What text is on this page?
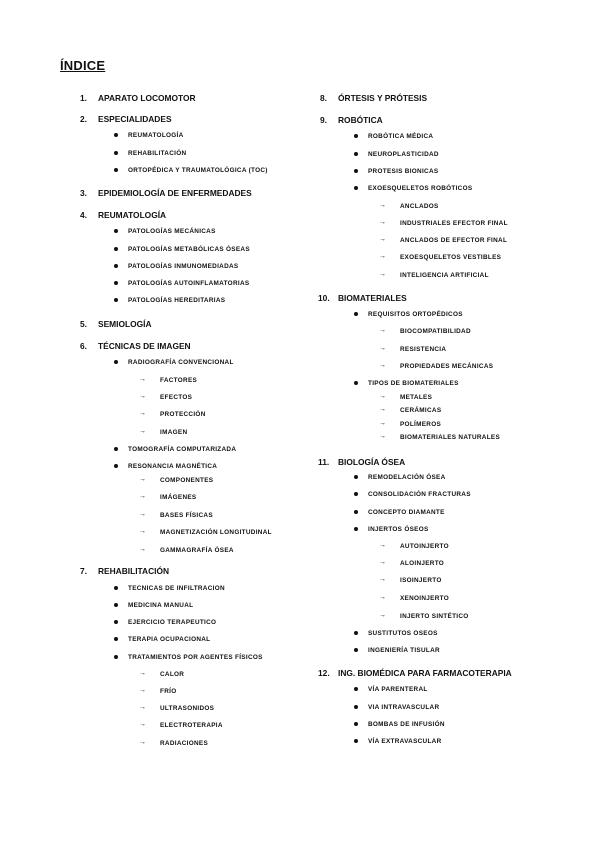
ÍNDICE
1. APARATO LOCOMOTOR
2. ESPECIALIDADES
REUMATOLOGÍA
REHABILITACIÓN
ORTOPÉDICA Y TRAUMATOLÓGICA (TOC)
3. EPIDEMIOLOGÍA DE ENFERMEDADES
4. REUMATOLOGÍA
PATOLOGÍAS MECÁNICAS
PATOLOGÍAS METABÓLICAS ÓSEAS
PATOLOGÍAS INMUNOMEDIADAS
PATOLOGÍAS AUTOINFLAMATORIAS
PATOLOGÍAS HEREDITARIAS
5. SEMIOLOGÍA
6. TÉCNICAS DE IMAGEN
RADIOGRAFÍA CONVENCIONAL
→ FACTORES
→ EFECTOS
→ PROTECCIÓN
→ IMAGEN
TOMOGRAFÍA COMPUTARIZADA
RESONANCIA MAGNÉTICA
→ COMPONENTES
→ IMÁGENES
→ BASES FÍSICAS
→ MAGNETIZACIÓN LONGITUDINAL
→ GAMMAGRAFÍA ÓSEA
7. REHABILITACIÓN
TECNICAS DE INFILTRACION
MEDICINA MANUAL
EJERCICIO TERAPEUTICO
TERAPIA OCUPACIONAL
TRATAMIENTOS POR AGENTES FÍSICOS
→ CALOR
→ FRÍO
→ ULTRASONIDOS
→ ELECTROTERAPIA
→ RADIACIONES
8. ÓRTESIS Y PRÓTESIS
9. ROBÓTICA
ROBÓTICA MÉDICA
NEUROPLASTICIDAD
PROTESIS BIONICAS
EXOESQUELETOS ROBÓTICOS
→ ANCLADOS
→ INDUSTRIALES EFECTOR FINAL
→ ANCLADOS DE EFECTOR FINAL
→ EXOESQUELETOS VESTIBLES
→ INTELIGENCIA ARTIFICIAL
10. BIOMATERIALES
REQUISITOS ORTOPÉDICOS
→ BIOCOMPATIBILIDAD
→ RESISTENCIA
→ PROPIEDADES MECÁNICAS
TIPOS DE BIOMATERIALES
→ METALES
→ CERÁMICAS
→ POLÍMEROS
→ BIOMATERIALES NATURALES
11. BIOLOGÍA ÓSEA
REMODELACIÓN ÓSEA
CONSOLIDACIÓN FRACTURAS
CONCEPTO DIAMANTE
INJERTOS ÓSEOS
→ AUTOINJERTO
→ ALOINJERTO
→ ISOINJERTO
→ XENOINJERTO
→ INJERTO SINTÉTICO
SUSTITUTOS OSEOS
INGENIERÍA TISULAR
12. ING. BIOMÉDICA PARA FARMACOTERAPIA
VÍA PARENTERAL
VIA INTRAVASCULAR
BOMBAS DE INFUSIÓN
VÍA EXTRAVASCULAR
